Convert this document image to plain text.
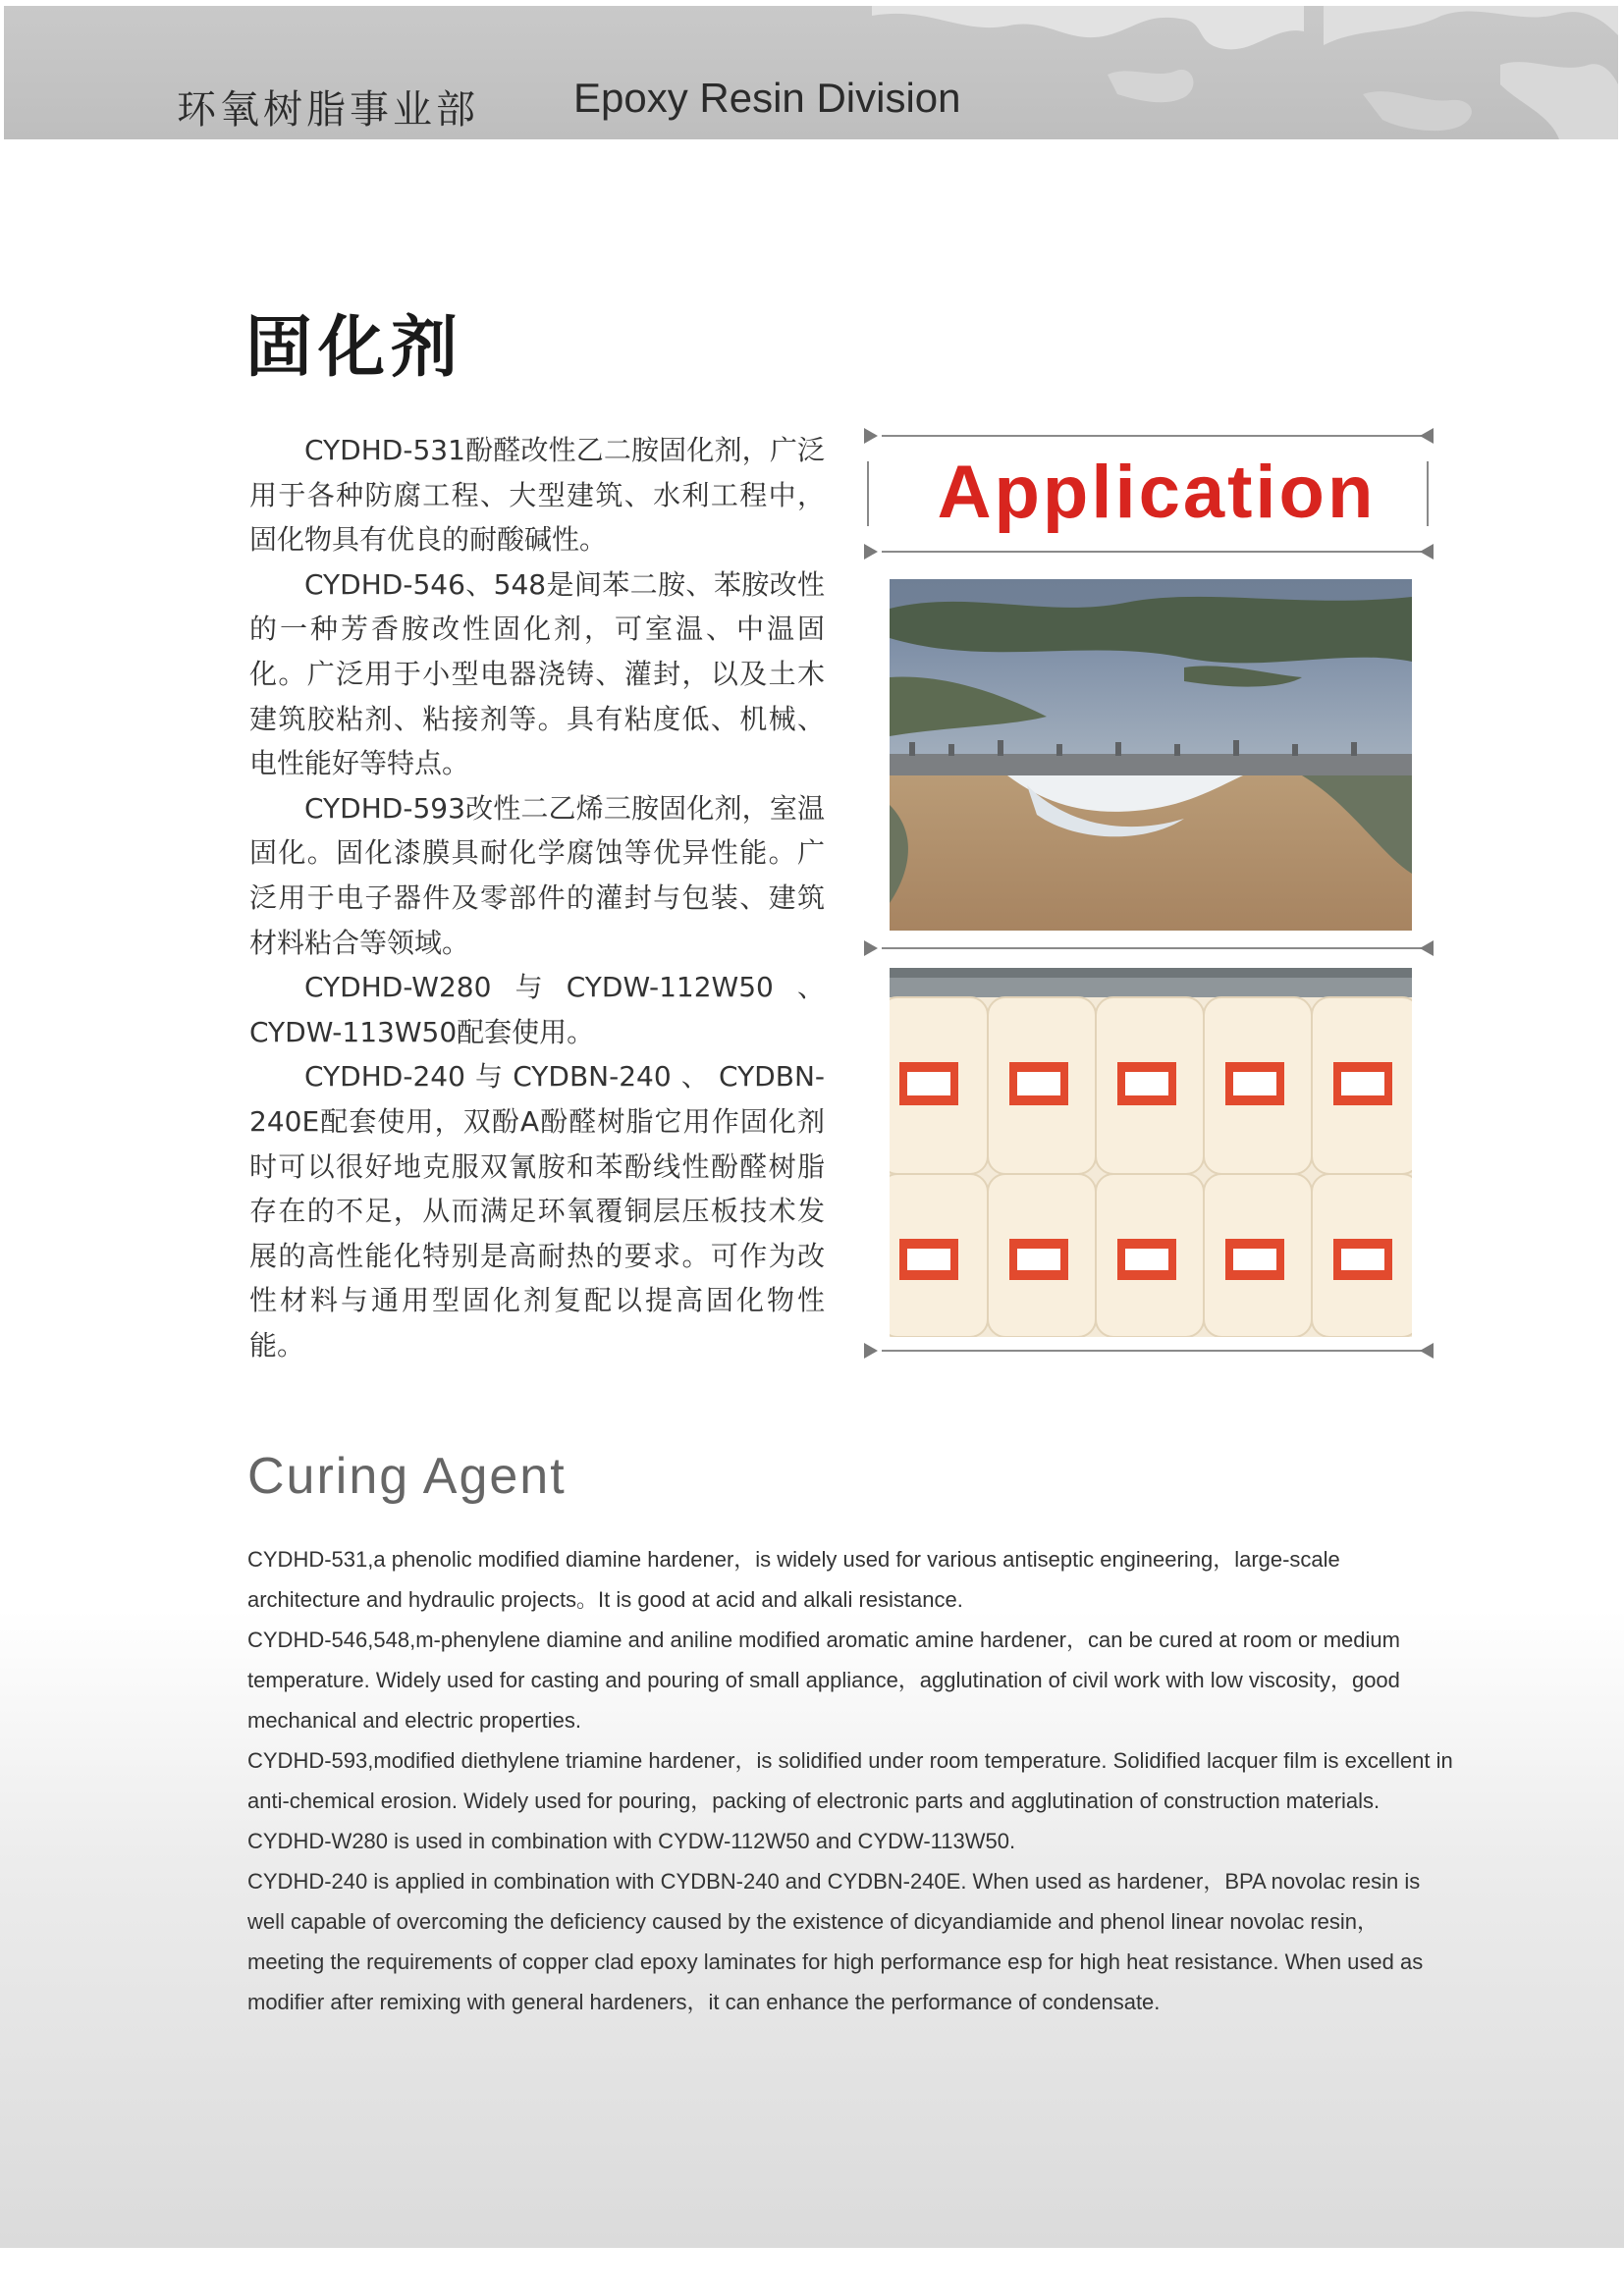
环氧树脂事业部 Epoxy Resin Division
固化剂

CYDHD-531酚醛改性乙二胺固化剂，广泛用于各种防腐工程、大型建筑、水利工程中，固化物具有优良的耐酸碱性。

CYDHD-546、548是间苯二胺、苯胺改性的一种芳香胺改性固化剂，可室温、中温固化。广泛用于小型电器浇铸、灌封，以及土木建筑胶粘剂、粘接剂等。具有粘度低、机械、电性能好等特点。

CYDHD-593改性二乙烯三胺固化剂，室温固化。固化漆膜具耐化学腐蚀等优异性能。广泛用于电子器件及零部件的灌封与包装、建筑材料粘合等领域。

CYDHD-W280与CYDW-112W50、CYDW-113W50配套使用。

CYDHD-240与CYDBN-240、CYDBN-240E配套使用，双酚A酚醛树脂它用作固化剂时可以很好地克服双氰胺和苯酚线性酚醛树脂存在的不足，从而满足环氧覆铜层压板技术发展的高性能化特别是高耐热的要求。可作为改性材料与通用型固化剂复配以提高固化物性能。

Application
Curing Agent

CYDHD-531,a phenolic modified diamine hardener，is widely used for various antiseptic engineering，large-scale architecture and hydraulic projects。It is good at acid and alkali resistance.

CYDHD-546,548,m-phenylene diamine and aniline modified aromatic amine hardener，can be cured at room or medium temperature. Widely used for casting and pouring of small appliance，agglutination of civil work with low viscosity，good mechanical and electric properties.

CYDHD-593,modified diethylene triamine hardener，is solidified under room temperature. Solidified lacquer film is excellent in anti-chemical erosion. Widely used for pouring，packing of electronic parts and agglutination of construction materials.

CYDHD-W280 is used in combination with CYDW-112W50 and CYDW-113W50.

CYDHD-240 is applied in combination with CYDBN-240 and CYDBN-240E. When used as hardener，BPA novolac resin is well capable of overcoming the deficiency caused by the existence of dicyandiamide and phenol linear novolac resin，meeting the requirements of copper clad epoxy laminates for high performance esp for high heat resistance. When used as modifier after remixing with general hardeners，it can enhance the performance of condensate.
